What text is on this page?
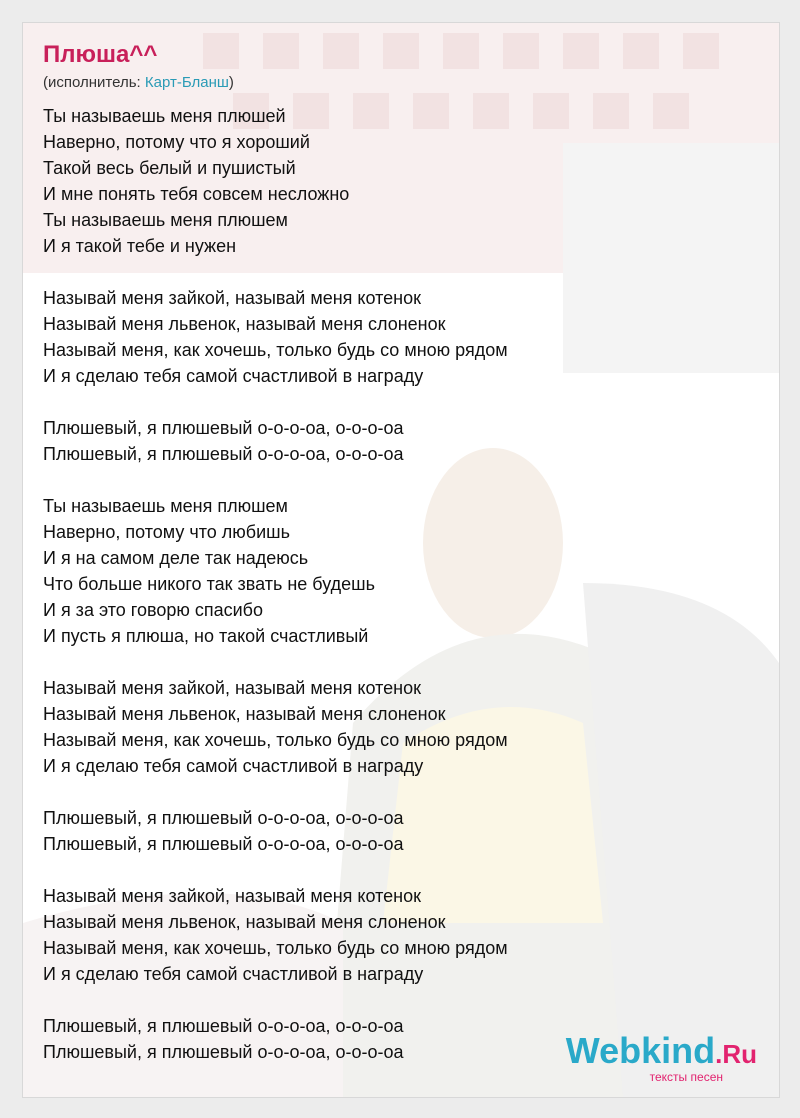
Плюша^^
(исполнитель: Карт-Бланш)
Ты называешь меня плюшей
Наверно, потому что я хороший
Такой весь белый и пушистый
И мне понять тебя совсем несложно
Ты называешь меня плюшем
И я такой тебе и нужен
Называй меня зайкой, называй меня котенок
Называй меня львенок, называй меня слоненок
Называй меня, как хочешь, только будь со мною рядом
И я сделаю тебя самой счастливой в награду
Плюшевый, я плюшевый о-о-о-оа, о-о-о-оа
Плюшевый, я плюшевый о-о-о-оа, о-о-о-оа
Ты называешь меня плюшем
Наверно, потому что любишь
И я на самом деле так надеюсь
Что больше никого так звать не будешь
И я за это говорю спасибо
И пусть я плюша, но такой счастливый
Называй меня зайкой, называй меня котенок
Называй меня львенок, называй меня слоненок
Называй меня, как хочешь, только будь со мною рядом
И я сделаю тебя самой счастливой в награду
Плюшевый, я плюшевый о-о-о-оа, о-о-о-оа
Плюшевый, я плюшевый о-о-о-оа, о-о-о-оа
Называй меня зайкой, называй меня котенок
Называй меня львенок, называй меня слоненок
Называй меня, как хочешь, только будь со мною рядом
И я сделаю тебя самой счастливой в награду
Плюшевый, я плюшевый о-о-о-оа, о-о-о-оа
Плюшевый, я плюшевый о-о-о-оа, о-о-о-оа	Webkind.Ru
тексты песен
